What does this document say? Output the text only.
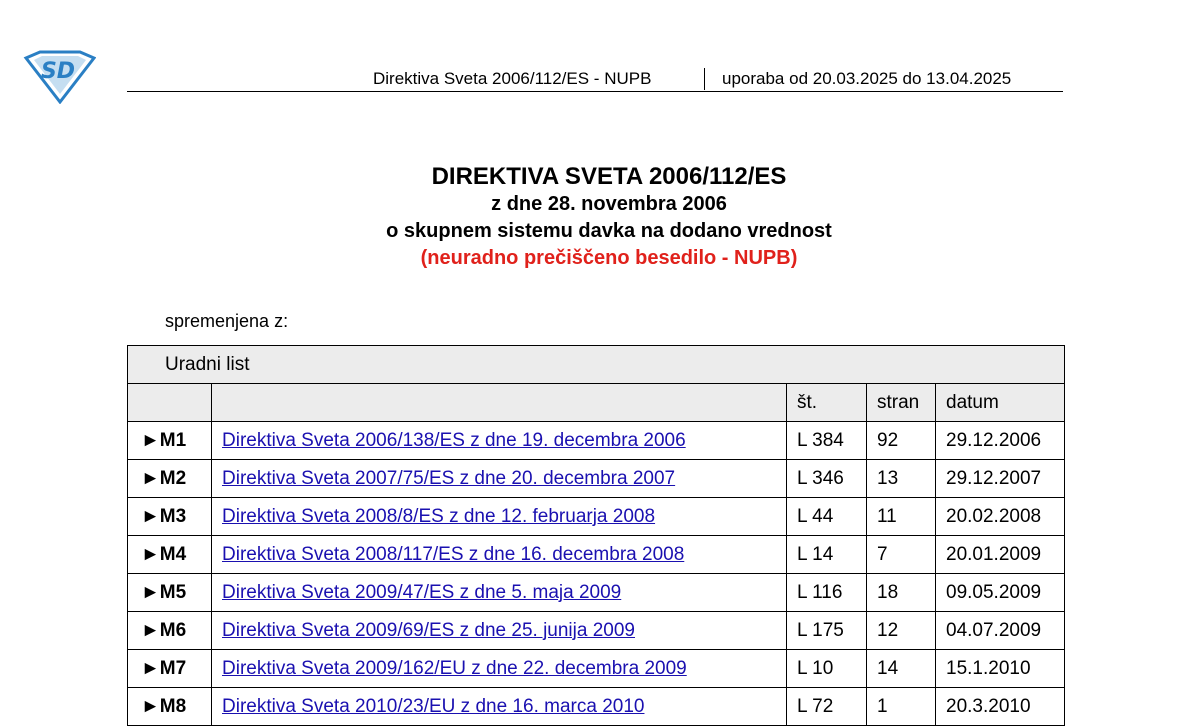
SD	Direktiva Sveta 2006/112/ES - NUPB	uporaba od 20.03.2025 do 13.04.2025
DIREKTIVA SVETA 2006/112/ES
z dne 28. novembra 2006
o skupnem sistemu davka na dodano vrednost
(neuradno prečiščeno besedilo - NUPB)
spremenjena z:
Uradni list				
		št.	stran	datum
►M1	Direktiva Sveta 2006/138/ES z dne 19. decembra 2006	L 384	92	29.12.2006
►M2	Direktiva Sveta 2007/75/ES z dne 20. decembra 2007	L 346	13	29.12.2007
►M3	Direktiva Sveta 2008/8/ES z dne 12. februarja 2008	L 44	11	20.02.2008
►M4	Direktiva Sveta 2008/117/ES z dne 16. decembra 2008	L 14	7	20.01.2009
►M5	Direktiva Sveta 2009/47/ES z dne 5. maja 2009	L 116	18	09.05.2009
►M6	Direktiva Sveta 2009/69/ES z dne 25. junija 2009	L 175	12	04.07.2009
►M7	Direktiva Sveta 2009/162/EU z dne 22. decembra 2009	L 10	14	15.1.2010
►M8	Direktiva Sveta 2010/23/EU z dne 16. marca 2010	L 72	1	20.3.2010
